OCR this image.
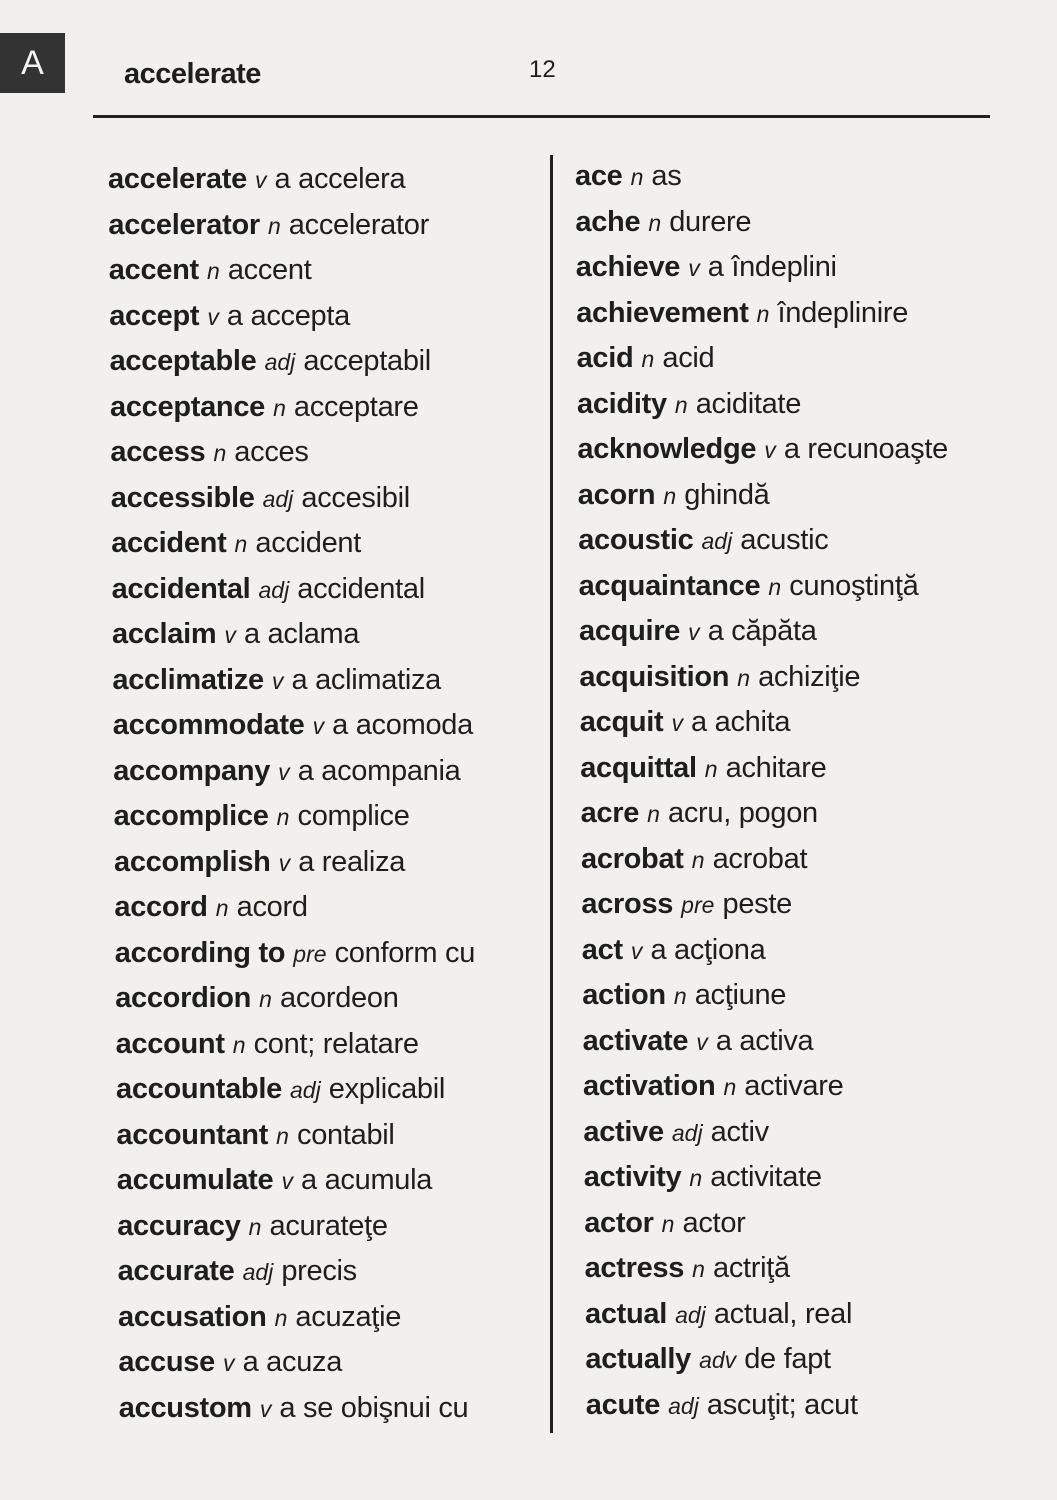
A	accelerate	12
accelerate v a accelera
accelerator n accelerator
accent n accent
accept v a accepta
acceptable adj acceptabil
acceptance n acceptare
access n acces
accessible adj accesibil
accident n accident
accidental adj accidental
acclaim v a aclama
acclimatize v a aclimatiza
accommodate v a acomoda
accompany v a acompania
accomplice n complice
accomplish v a realiza
accord n acord
according to pre conform cu
accordion n acordeon
account n cont; relatare
accountable adj explicabil
accountant n contabil
accumulate v a acumula
accuracy n acurateţe
accurate adj precis
accusation n acuzaţie
accuse v a acuza
accustom v a se obişnui cu
ace n as
ache n durere
achieve v a îndeplini
achievement n îndeplinire
acid n acid
acidity n aciditate
acknowledge v a recunoaşte
acorn n ghindă
acoustic adj acustic
acquaintance n cunoştinţă
acquire v a căpăta
acquisition n achiziţie
acquit v a achita
acquittal n achitare
acre n acru, pogon
acrobat n acrobat
across pre peste
act v a acţiona
action n acţiune
activate v a activa
activation n activare
active adj activ
activity n activitate
actor n actor
actress n actriţă
actual adj actual, real
actually adv de fapt
acute adj ascuţit; acut
